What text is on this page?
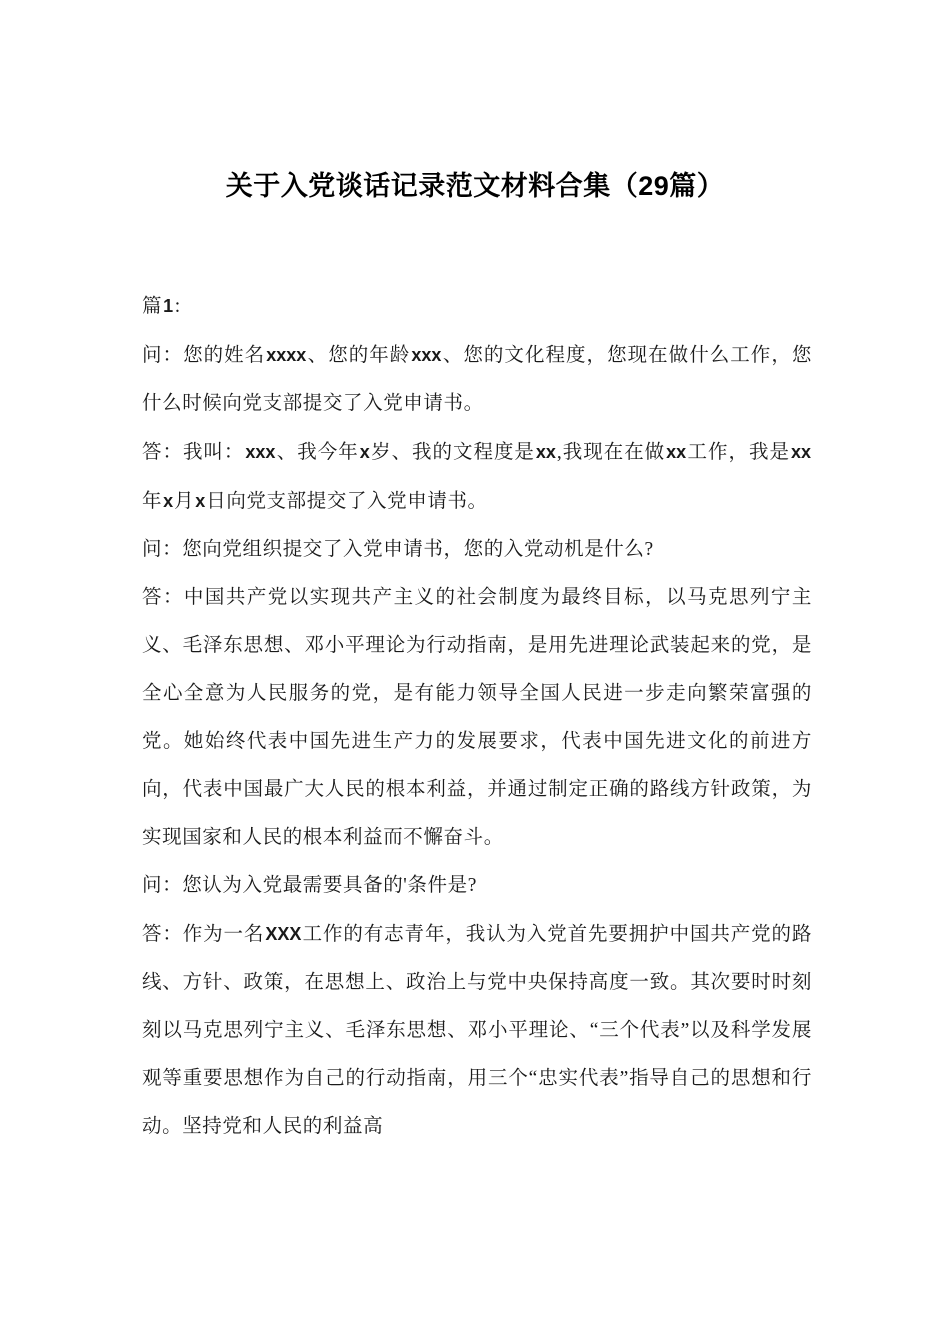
关于入党谈话记录范文材料合集（29篇）

篇1:

问：您的姓名xxxx、您的年龄xxx、您的文化程度，您现在做什么工作，您什么时候向党支部提交了入党申请书。

答：我叫：xxx、我今年x岁、我的文程度是xx,我现在在做xx工作，我是xx年x月x日向党支部提交了入党申请书。

问：您向党组织提交了入党申请书，您的入党动机是什么?

答：中国共产党以实现共产主义的社会制度为最终目标，以马克思列宁主义、毛泽东思想、邓小平理论为行动指南，是用先进理论武装起来的党，是全心全意为人民服务的党，是有能力领导全国人民进一步走向繁荣富强的党。她始终代表中国先进生产力的发展要求，代表中国先进文化的前进方向，代表中国最广大人民的根本利益，并通过制定正确的路线方针政策，为实现国家和人民的根本利益而不懈奋斗。

问：您认为入党最需要具备的'条件是?

答：作为一名XXX工作的有志青年，我认为入党首先要拥护中国共产党的路线、方针、政策，在思想上、政治上与党中央保持高度一致。其次要时时刻刻以马克思列宁主义、毛泽东思想、邓小平理论、“三个代表”以及科学发展观等重要思想作为自己的行动指南，用三个“忠实代表”指导自己的思想和行动。坚持党和人民的利益高
